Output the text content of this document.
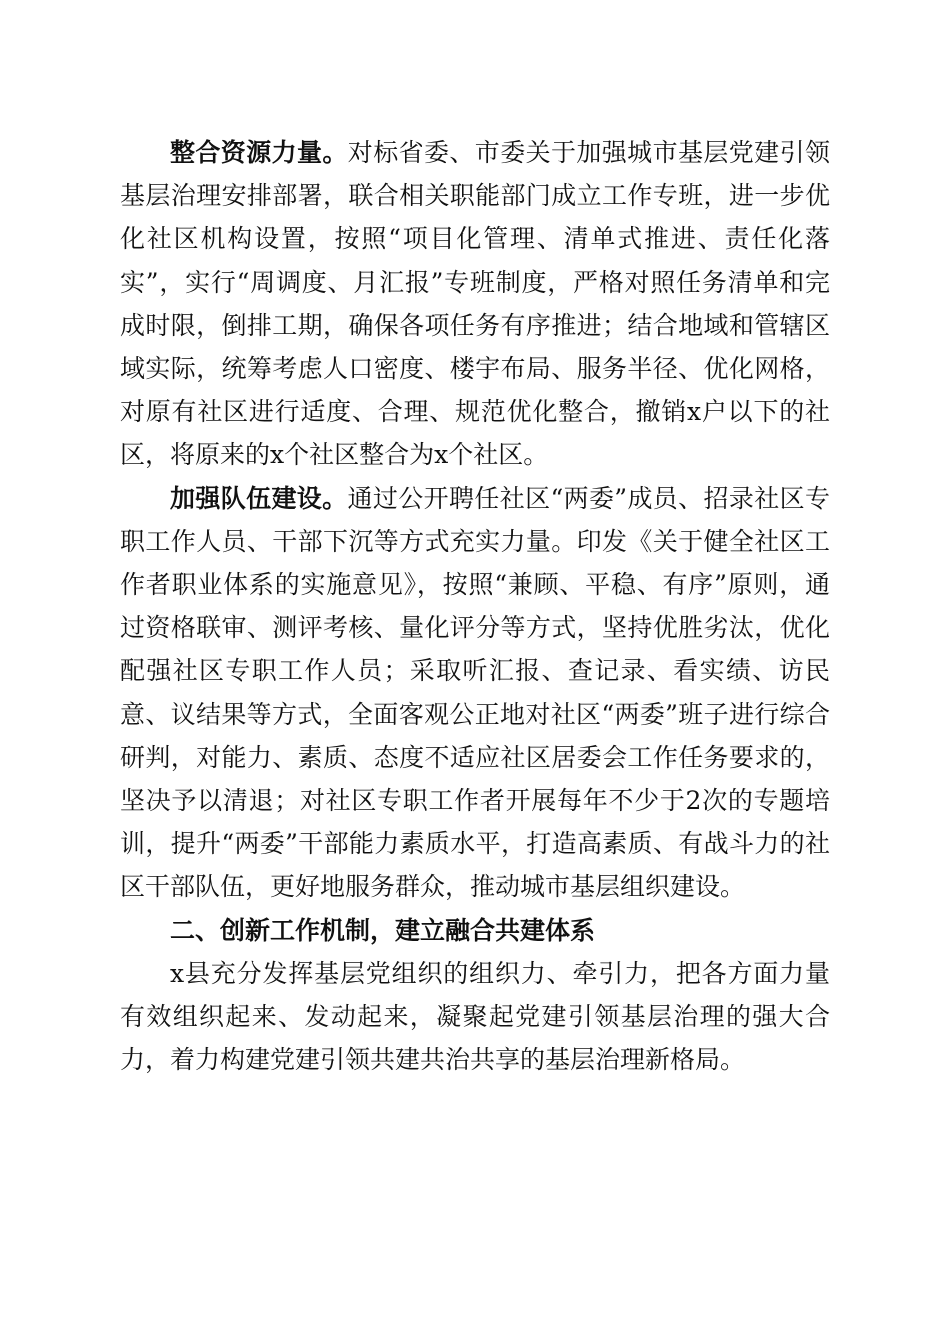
整合资源力量。对标省委、市委关于加强城市基层党建引领基层治理安排部署，联合相关职能部门成立工作专班，进一步优化社区机构设置，按照“项目化管理、清单式推进、责任化落实”，实行“周调度、月汇报”专班制度，严格对照任务清单和完成时限，倒排工期，确保各项任务有序推进；结合地域和管辖区域实际，统筹考虑人口密度、楼宇布局、服务半径、优化网格，对原有社区进行适度、合理、规范优化整合，撤销x户以下的社区，将原来的x个社区整合为x个社区。

加强队伍建设。通过公开聘任社区“两委”成员、招录社区专职工作人员、干部下沉等方式充实力量。印发《关于健全社区工作者职业体系的实施意见》，按照“兼顾、平稳、有序”原则，通过资格联审、测评考核、量化评分等方式，坚持优胜劣汰，优化配强社区专职工作人员；采取听汇报、查记录、看实绩、访民意、议结果等方式，全面客观公正地对社区“两委”班子进行综合研判，对能力、素质、态度不适应社区居委会工作任务要求的，坚决予以清退；对社区专职工作者开展每年不少于2次的专题培训，提升“两委”干部能力素质水平，打造高素质、有战斗力的社区干部队伍，更好地服务群众，推动城市基层组织建设。

二、创新工作机制，建立融合共建体系

x县充分发挥基层党组织的组织力、牵引力，把各方面力量有效组织起来、发动起来，凝聚起党建引领基层治理的强大合力，着力构建党建引领共建共治共享的基层治理新格局。
